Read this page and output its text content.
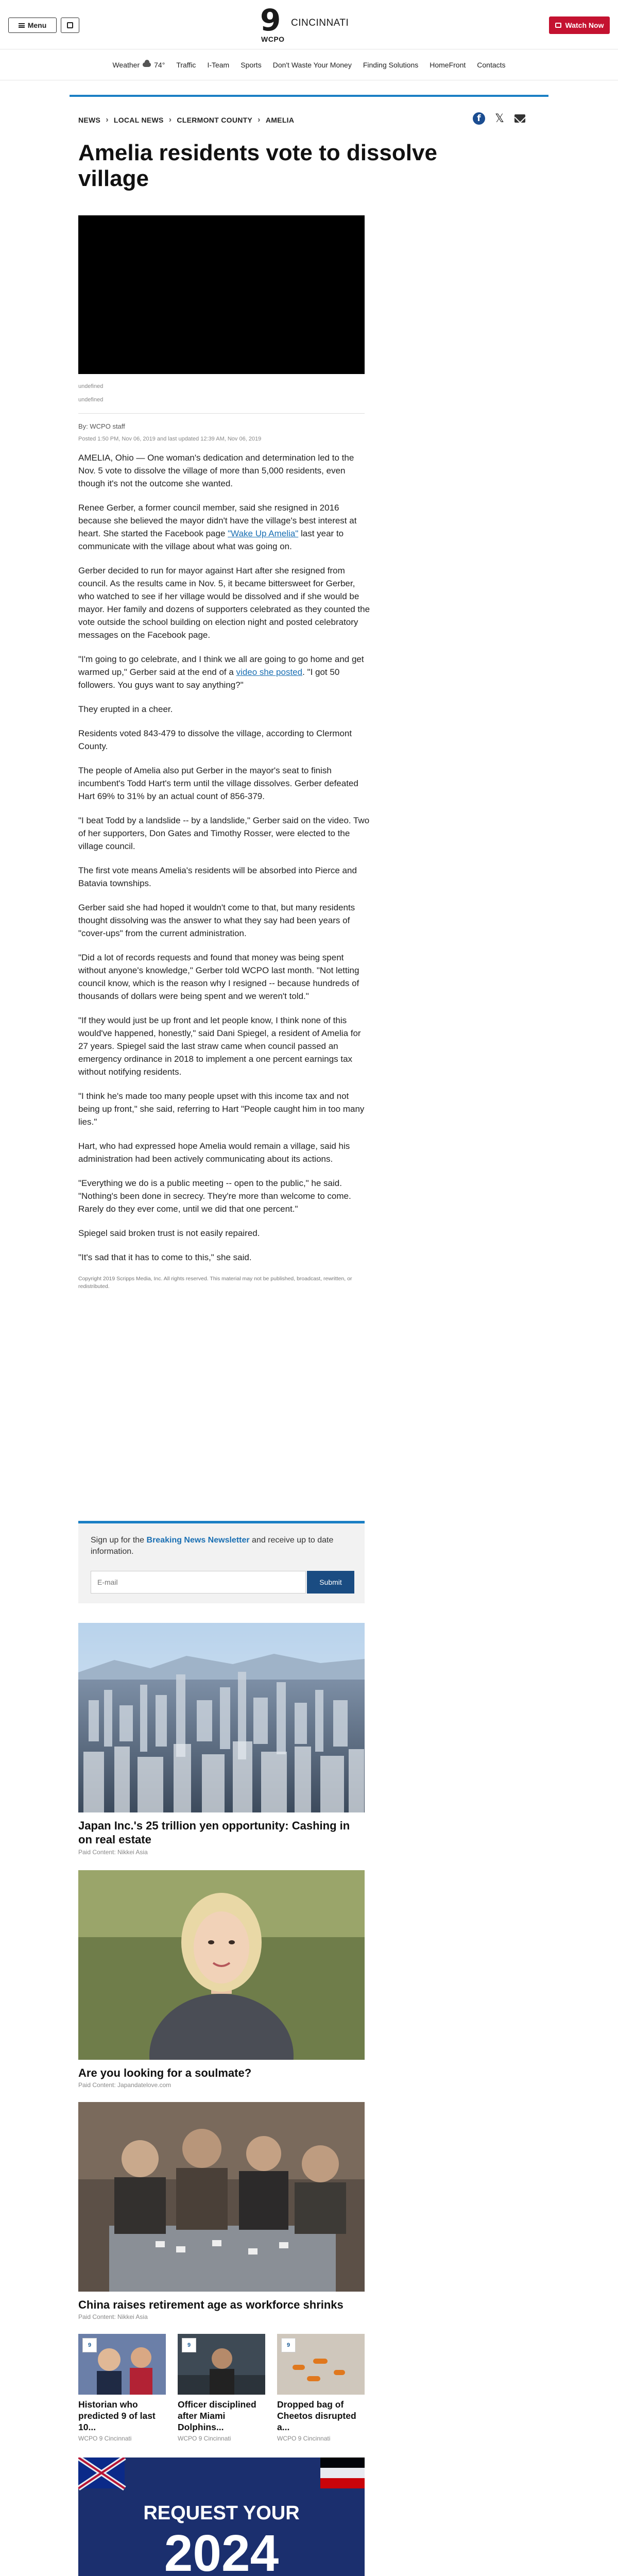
Menu	9
WCPO
CINCINNATI	Watch Now
Weather 74° Traffic I-Team Sports Don't Waste Your Money Finding Solutions HomeFront Contacts
NEWS › LOCAL NEWS › CLERMONT COUNTY › AMELIA	f	𝕏
Amelia residents vote to dissolve village
undefined
undefined
By: WCPO staff
Posted 1:50 PM, Nov 06, 2019 and last updated 12:39 AM, Nov 06, 2019

AMELIA, Ohio — One woman's dedication and determination led to the Nov. 5 vote to dissolve the village of more than 5,000 residents, even though it's not the outcome she wanted.

Renee Gerber, a former council member, said she resigned in 2016 because she believed the mayor didn't have the village's best interest at heart. She started the Facebook page "Wake Up Amelia" last year to communicate with the village about what was going on.

Gerber decided to run for mayor against Hart after she resigned from council. As the results came in Nov. 5, it became bittersweet for Gerber, who watched to see if her village would be dissolved and if she would be mayor. Her family and dozens of supporters celebrated as they counted the vote outside the school building on election night and posted celebratory messages on the Facebook page.

"I'm going to go celebrate, and I think we all are going to go home and get warmed up," Gerber said at the end of a video she posted. "I got 50 followers. You guys want to say anything?"

They erupted in a cheer.

Residents voted 843-479 to dissolve the village, according to Clermont County.

The people of Amelia also put Gerber in the mayor's seat to finish incumbent's Todd Hart's term until the village dissolves. Gerber defeated Hart 69% to 31% by an actual count of 856-379.

"I beat Todd by a landslide -- by a landslide," Gerber said on the video. Two of her supporters, Don Gates and Timothy Rosser, were elected to the village council.

The first vote means Amelia's residents will be absorbed into Pierce and Batavia townships.

Gerber said she had hoped it wouldn't come to that, but many residents thought dissolving was the answer to what they say had been years of "cover-ups" from the current administration.

"Did a lot of records requests and found that money was being spent without anyone's knowledge," Gerber told WCPO last month. "Not letting council know, which is the reason why I resigned -- because hundreds of thousands of dollars were being spent and we weren't told."

"If they would just be up front and let people know, I think none of this would've happened, honestly," said Dani Spiegel, a resident of Amelia for 27 years. Spiegel said the last straw came when council passed an emergency ordinance in 2018 to implement a one percent earnings tax without notifying residents.

"I think he's made too many people upset with this income tax and not being up front," she said, referring to Hart "People caught him in too many lies."

Hart, who had expressed hope Amelia would remain a village, said his administration had been actively communicating about its actions.

"Everything we do is a public meeting -- open to the public," he said. "Nothing's been done in secrecy. They're more than welcome to come. Rarely do they ever come, until we did that one percent."

Spiegel said broken trust is not easily repaired.

"It's sad that it has to come to this," she said.

Copyright 2019 Scripps Media, Inc. All rights reserved. This material may not be published, broadcast, rewritten, or redistributed.

Sign up for the Breaking News Newsletter and receive up to date information.
E-mail
Submit
Japan Inc.'s 25 trillion yen opportunity: Cashing in on real estate
Paid Content: Nikkei Asia
Are you looking for a soulmate?
Paid Content: Japandatelove.com
China raises retirement age as workforce shrinks
Paid Content: Nikkei Asia
9
Historian who predicted 9 of last 10...
WCPO 9 Cincinnati
9
Officer disciplined after Miami Dolphins...
WCPO 9 Cincinnati
9
Dropped bag of Cheetos disrupted a...
WCPO 9 Cincinnati
REQUEST YOUR
2024
